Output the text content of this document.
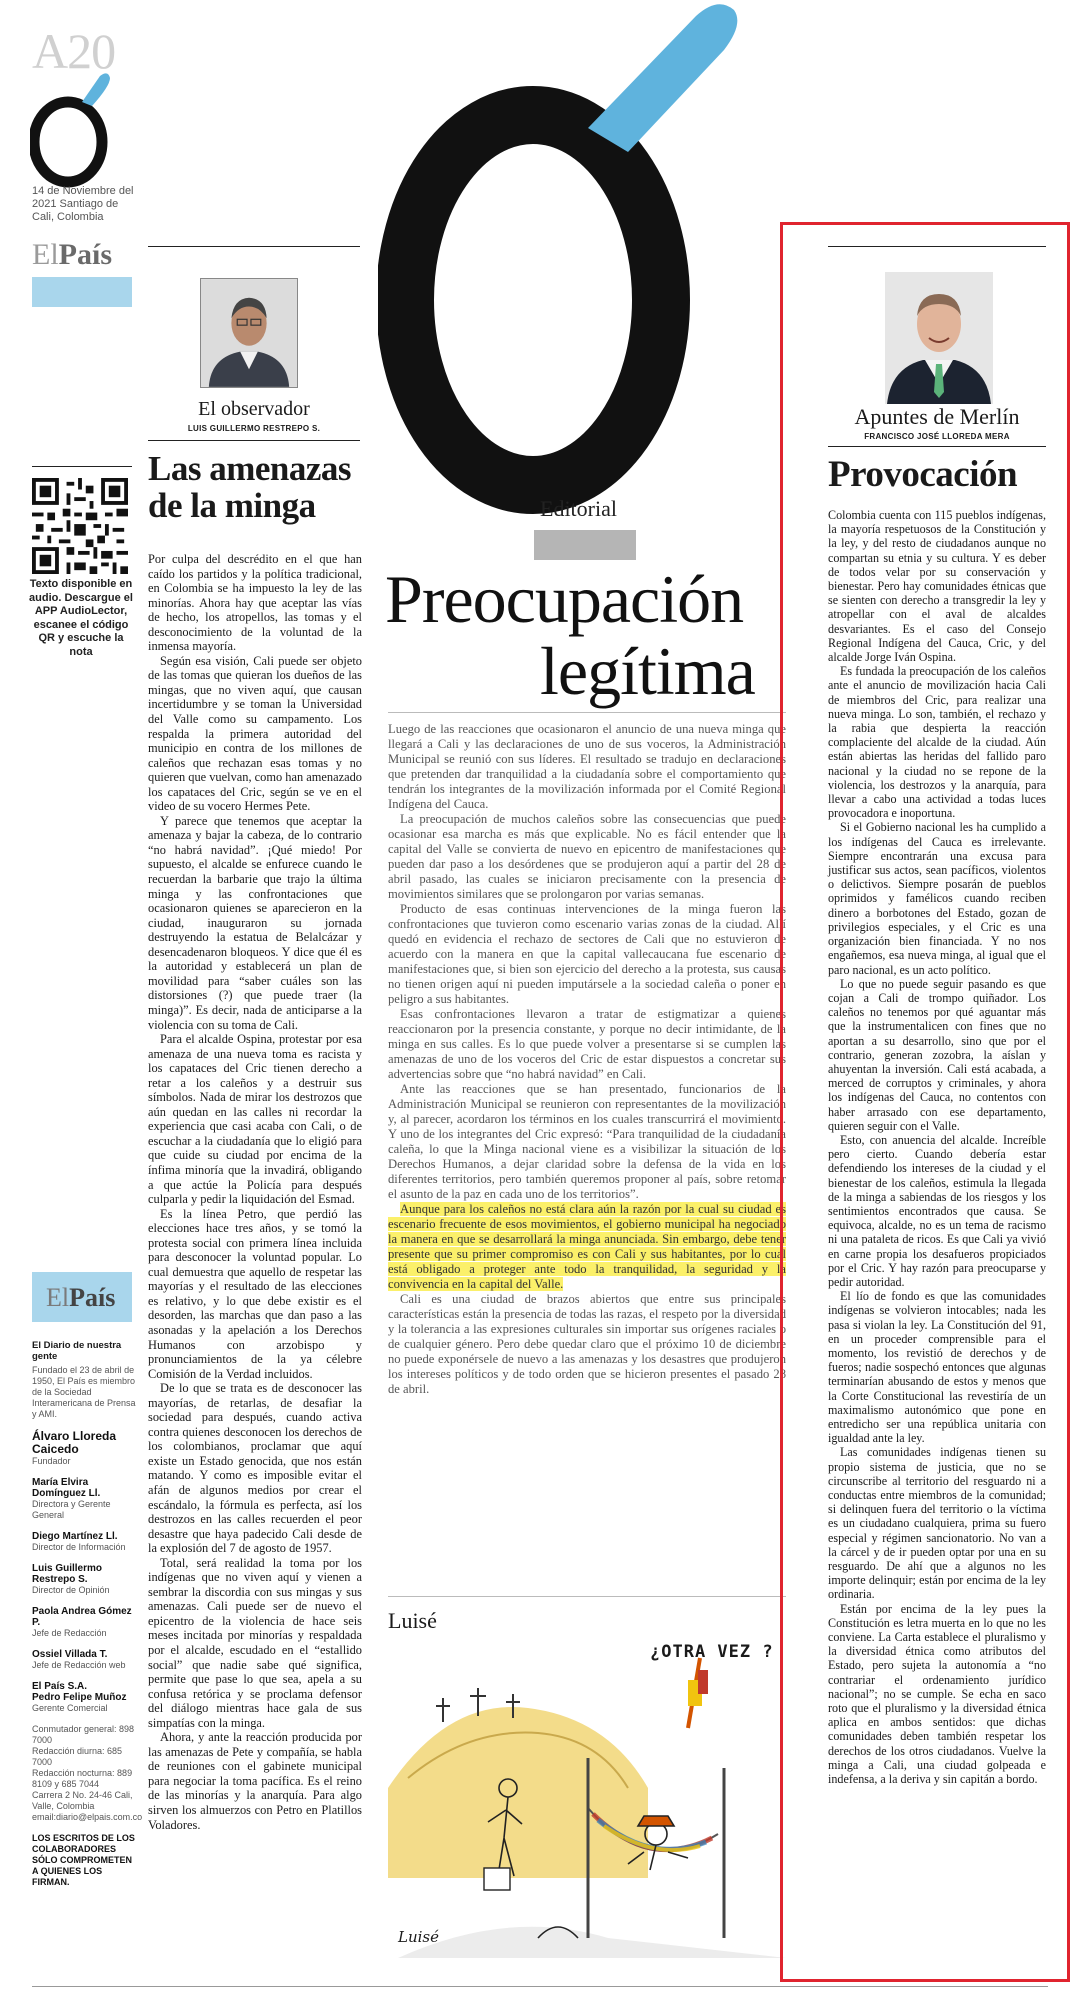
A20
14 de Noviembre del 2021 Santiago de Cali, Colombia
ElPaís
Texto disponible en audio. Descargue el APP AudioLector, escanee el código QR y escuche la nota
ElPaís
El Diario de nuestra gente

Fundado el 23 de abril de 1950, El País es miembro de la Sociedad Interamericana de Prensa y AMI.

Álvaro Lloreda Caicedo
Fundador

María Elvira Domínguez Ll.
Directora y Gerente General

Diego Martínez Ll.
Director de Información

Luis Guillermo Restrepo S.
Director de Opinión

Paola Andrea Gómez P.
Jefe de Redacción

Ossiel Villada T.
Jefe de Redacción web

El País S.A.
Pedro Felipe Muñoz
Gerente Comercial

Conmutador general: 898 7000
Redacción diurna: 685 7000
Redacción nocturna: 889 8109 y 685 7044
Carrera 2 No. 24-46 Cali, Valle, Colombia
email:diario@elpais.com.co

LOS ESCRITOS DE LOS COLABORADORES SÓLO COMPROMETEN A QUIENES LOS FIRMAN.

El observador
LUIS GUILLERMO RESTREPO S.
Las amenazas
de la minga

Por culpa del descrédito en el que han caído los partidos y la política tradicional, en Colombia se ha impuesto la ley de las minorías. Ahora hay que aceptar las vías de hecho, los atropellos, las tomas y el desconocimiento de la voluntad de la inmensa mayoría.

Según esa visión, Cali puede ser objeto de las tomas que quieran los dueños de las mingas, que no viven aquí, que causan incertidumbre y se toman la Universidad del Valle como su campamento. Los respalda la primera autoridad del municipio en contra de los millones de caleños que rechazan esas tomas y no quieren que vuelvan, como han amenazado los capataces del Cric, según se ve en el video de su vocero Hermes Pete.

Y parece que tenemos que aceptar la amenaza y bajar la cabeza, de lo contrario “no habrá navidad”. ¡Qué miedo! Por supuesto, el alcalde se enfurece cuando le recuerdan la barbarie que trajo la última minga y las confrontaciones que ocasionaron quienes se aparecieron en la ciudad, inauguraron su jornada destruyendo la estatua de Belalcázar y desencadenaron bloqueos. Y dice que él es la autoridad y establecerá un plan de movilidad para “saber cuáles son las distorsiones (?) que puede traer (la minga)”. Es decir, nada de anticiparse a la violencia con su toma de Cali.

Para el alcalde Ospina, protestar por esa amenaza de una nueva toma es racista y los capataces del Cric tienen derecho a retar a los caleños y a destruir sus símbolos. Nada de mirar los destrozos que aún quedan en las calles ni recordar la experiencia que casi acaba con Cali, o de escuchar a la ciudadanía que lo eligió para que cuide su ciudad por encima de la ínfima minoría que la invadirá, obligando a que actúe la Policía para después culparla y pedir la liquidación del Esmad.

Es la línea Petro, que perdió las elecciones hace tres años, y se tomó la protesta social con primera línea incluida para desconocer la voluntad popular. Lo cual demuestra que aquello de respetar las mayorías y el resultado de las elecciones es relativo, y lo que debe existir es el desorden, las marchas que dan paso a las asonadas y la apelación a los Derechos Humanos con arzobispo y pronunciamientos de la ya célebre Comisión de la Verdad incluidos.

De lo que se trata es de desconocer las mayorías, de retarlas, de desafiar la sociedad para después, cuando activa contra quienes desconocen los derechos de los colombianos, proclamar que aquí existe un Estado genocida, que nos están matando. Y como es imposible evitar el afán de algunos medios por crear el escándalo, la fórmula es perfecta, así los destrozos en las calles recuerden el peor desastre que haya padecido Cali desde de la explosión del 7 de agosto de 1957.

Total, será realidad la toma por los indígenas que no viven aquí y vienen a sembrar la discordia con sus mingas y sus amenazas. Cali puede ser de nuevo el epicentro de la violencia de hace seis meses incitada por minorías y respaldada por el alcalde, escudado en el “estallido social” que nadie sabe qué significa, permite que pase lo que sea, apela a su confusa retórica y se proclama defensor del diálogo mientras hace gala de sus simpatías con la minga.

Ahora, y ante la reacción producida por las amenazas de Pete y compañía, se habla de reuniones con el gabinete municipal para negociar la toma pacífica. Es el reino de las minorías y la anarquía. Para algo sirven los almuerzos con Petro en Platillos Voladores.

Editorial
Preocupación
legítima

Luego de las reacciones que ocasionaron el anuncio de una nueva minga que llegará a Cali y las declaraciones de uno de sus voceros, la Administración Municipal se reunió con sus líderes. El resultado se tradujo en declaraciones que pretenden dar tranquilidad a la ciudadanía sobre el comportamiento que tendrán los integrantes de la movilización informada por el Comité Regional Indígena del Cauca.

La preocupación de muchos caleños sobre las consecuencias que puede ocasionar esa marcha es más que explicable. No es fácil entender que la capital del Valle se convierta de nuevo en epicentro de manifestaciones que pueden dar paso a los desórdenes que se produjeron aquí a partir del 28 de abril pasado, las cuales se iniciaron precisamente con la presencia de movimientos similares que se prolongaron por varias semanas.

Producto de esas continuas intervenciones de la minga fueron las confrontaciones que tuvieron como escenario varias zonas de la ciudad. Allí quedó en evidencia el rechazo de sectores de Cali que no estuvieron de acuerdo con la manera en que la capital vallecaucana fue escenario de manifestaciones que, si bien son ejercicio del derecho a la protesta, sus causas no tienen origen aquí ni pueden imputársele a la sociedad caleña o poner en peligro a sus habitantes.

Esas confrontaciones llevaron a tratar de estigmatizar a quienes reaccionaron por la presencia constante, y porque no decir intimidante, de la minga en sus calles. Es lo que puede volver a presentarse si se cumplen las amenazas de uno de los voceros del Cric de estar dispuestos a concretar sus advertencias sobre que “no habrá navidad” en Cali.

Ante las reacciones que se han presentado, funcionarios de la Administración Municipal se reunieron con representantes de la movilización y, al parecer, acordaron los términos en los cuales transcurrirá el movimiento. Y uno de los integrantes del Cric expresó: “Para tranquilidad de la ciudadanía caleña, lo que la Minga nacional viene es a visibilizar la situación de los Derechos Humanos, a dejar claridad sobre la defensa de la vida en los diferentes territorios, pero también queremos proponer al país, sobre retomar el asunto de la paz en cada uno de los territorios”.

Aunque para los caleños no está clara aún la razón por la cual su ciudad es escenario frecuente de esos movimientos, el gobierno municipal ha negociado la manera en que se desarrollará la minga anunciada. Sin embargo, debe tener presente que su primer compromiso es con Cali y sus habitantes, por lo cual está obligado a proteger ante todo la tranquilidad, la seguridad y la convivencia en la capital del Valle.

Cali es una ciudad de brazos abiertos que entre sus principales características están la presencia de todas las razas, el respeto por la diversidad y la tolerancia a las expresiones culturales sin importar sus orígenes raciales o de cualquier género. Pero debe quedar claro que el próximo 10 de diciembre no puede exponérsele de nuevo a las amenazas y los desastres que produjeron los intereses políticos y de todo orden que se hicieron presentes el pasado 28 de abril.

Luisé
¿OTRA VEZ ?
Luisé
Apuntes de Merlín
FRANCISCO JOSÉ LLOREDA MERA
Provocación

Colombia cuenta con 115 pueblos indígenas, la mayoría respetuosos de la Constitución y la ley, y del resto de ciudadanos aunque no compartan su etnia y su cultura. Y es deber de todos velar por su conservación y bienestar. Pero hay comunidades étnicas que se sienten con derecho a transgredir la ley y atropellar con el aval de alcaldes desvariantes. Es el caso del Consejo Regional Indígena del Cauca, Cric, y del alcalde Jorge Iván Ospina.

Es fundada la preocupación de los caleños ante el anuncio de movilización hacia Cali de miembros del Cric, para realizar una nueva minga. Lo son, también, el rechazo y la rabia que despierta la reacción complaciente del alcalde de la ciudad. Aún están abiertas las heridas del fallido paro nacional y la ciudad no se repone de la violencia, los destrozos y la anarquía, para llevar a cabo una actividad a todas luces provocadora e inoportuna.

Si el Gobierno nacional les ha cumplido a los indígenas del Cauca es irrelevante. Siempre encontrarán una excusa para justificar sus actos, sean pacíficos, violentos o delictivos. Siempre posarán de pueblos oprimidos y famélicos cuando reciben dinero a borbotones del Estado, gozan de privilegios especiales, y el Cric es una organización bien financiada. Y no nos engañemos, esa nueva minga, al igual que el paro nacional, es un acto político.

Lo que no puede seguir pasando es que cojan a Cali de trompo quiñador. Los caleños no tenemos por qué aguantar más que la instrumentalicen con fines que no aportan a su desarrollo, sino que por el contrario, generan zozobra, la aíslan y ahuyentan la inversión. Cali está acabada, a merced de corruptos y criminales, y ahora los indígenas del Cauca, no contentos con haber arrasado con ese departamento, quieren seguir con el Valle.

Esto, con anuencia del alcalde. Increíble pero cierto. Cuando debería estar defendiendo los intereses de la ciudad y el bienestar de los caleños, estimula la llegada de la minga a sabiendas de los riesgos y los sentimientos encontrados que causa. Se equivoca, alcalde, no es un tema de racismo ni una pataleta de ricos. Es que Cali ya vivió en carne propia los desafueros propiciados por el Cric. Y hay razón para preocuparse y pedir autoridad.

El lío de fondo es que las comunidades indígenas se volvieron intocables; nada les pasa si violan la ley. La Constitución del 91, en un proceder comprensible para el momento, los revistió de derechos y de fueros; nadie sospechó entonces que algunas terminarían abusando de estos y menos que la Corte Constitucional las revestiría de un maximalismo autonómico que pone en entredicho ser una república unitaria con igualdad ante la ley.

Las comunidades indígenas tienen su propio sistema de justicia, que no se circunscribe al territorio del resguardo ni a conductas entre miembros de la comunidad; si delinquen fuera del territorio o la víctima es un ciudadano cualquiera, prima su fuero especial y régimen sancionatorio. No van a la cárcel y de ir pueden optar por una en su resguardo. De ahí que a algunos no les importe delinquir; están por encima de la ley ordinaria.

Están por encima de la ley pues la Constitución es letra muerta en lo que no les conviene. La Carta establece el pluralismo y la diversidad étnica como atributos del Estado, pero sujeta la autonomía a “no contrariar el ordenamiento jurídico nacional”; no se cumple. Se echa en saco roto que el pluralismo y la diversidad étnica aplica en ambos sentidos: que dichas comunidades deben también respetar los derechos de los otros ciudadanos. Vuelve la minga a Cali, una ciudad golpeada e indefensa, a la deriva y sin capitán a bordo.
